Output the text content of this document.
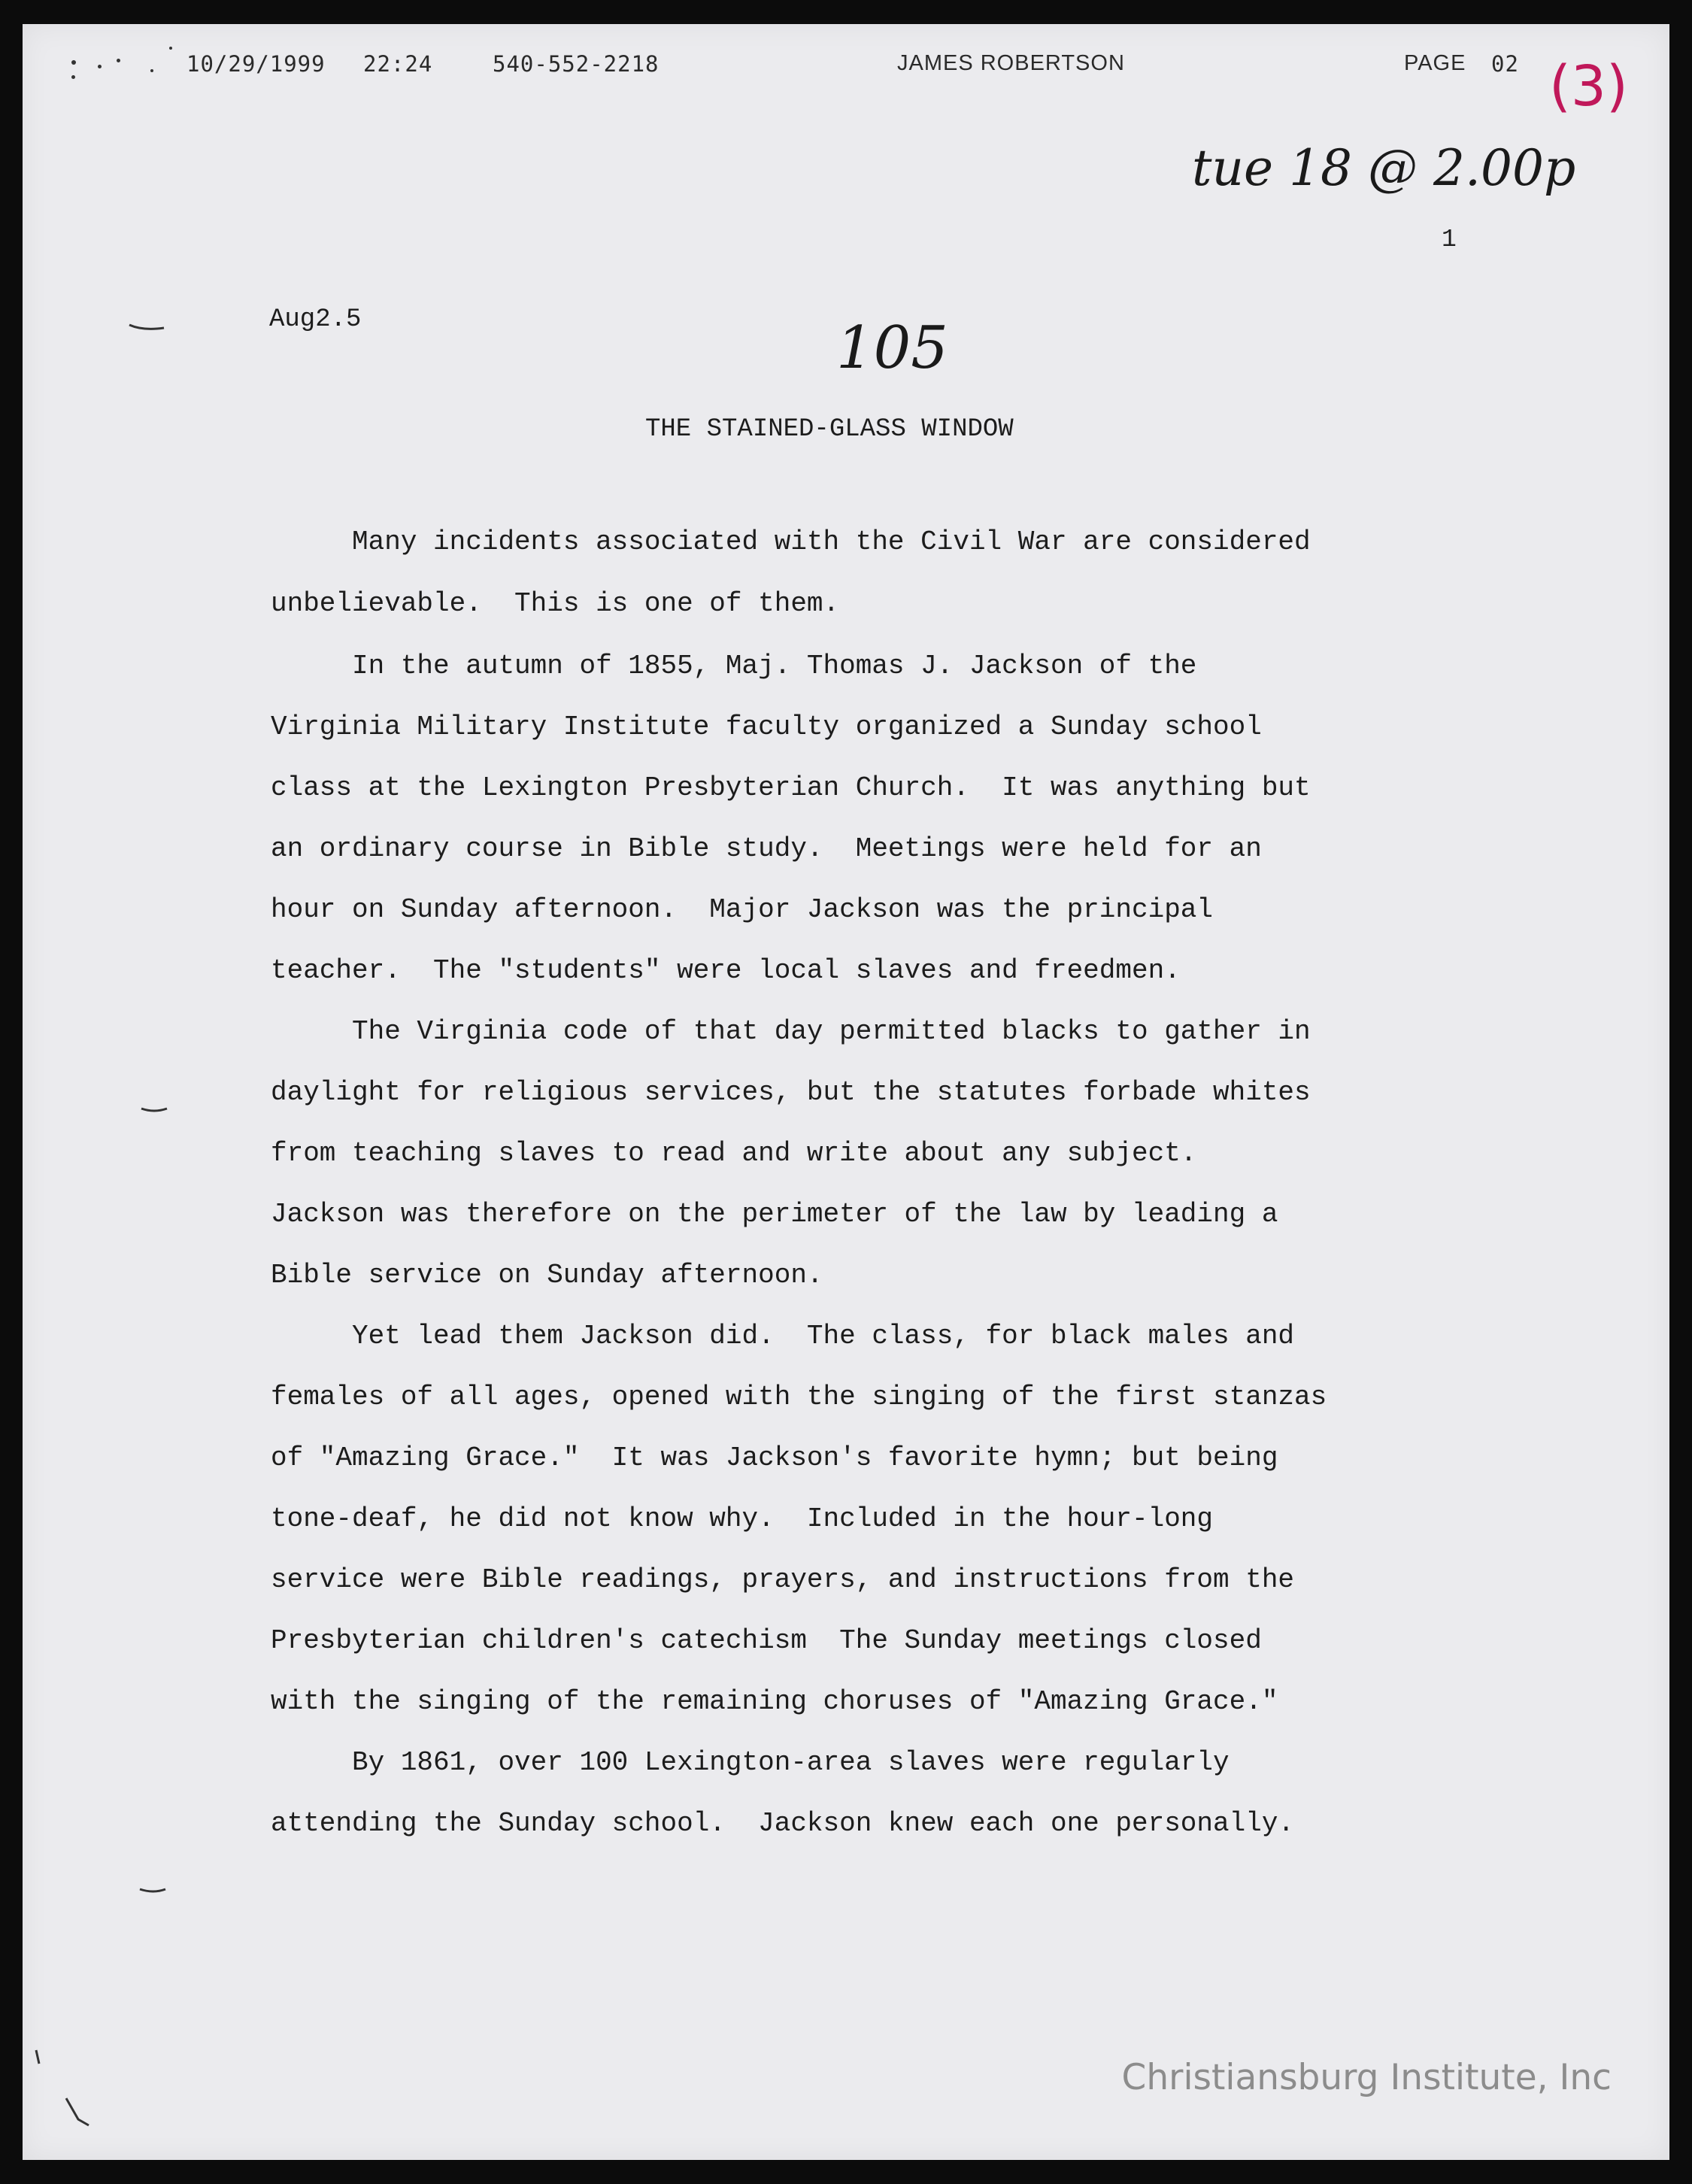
10/29/1999 22:24	540-552-2218	JAMES ROBERTSON	PAGE 02 (3)
tue 18 @ 2.00p
105
1
Aug2.5
THE STAINED-GLASS WINDOW
Many incidents associated with the Civil War are considered
unbelievable.  This is one of them.
In the autumn of 1855, Maj. Thomas J. Jackson of the
Virginia Military Institute faculty organized a Sunday school
class at the Lexington Presbyterian Church.  It was anything but
an ordinary course in Bible study.  Meetings were held for an
hour on Sunday afternoon.  Major Jackson was the principal
teacher.  The "students" were local slaves and freedmen.
The Virginia code of that day permitted blacks to gather in
daylight for religious services, but the statutes forbade whites
from teaching slaves to read and write about any subject.
Jackson was therefore on the perimeter of the law by leading a
Bible service on Sunday afternoon.
Yet lead them Jackson did.  The class, for black males and
females of all ages, opened with the singing of the first stanzas
of "Amazing Grace."  It was Jackson's favorite hymn; but being
tone-deaf, he did not know why.  Included in the hour-long
service were Bible readings, prayers, and instructions from the
Presbyterian children's catechism  The Sunday meetings closed
with the singing of the remaining choruses of "Amazing Grace."
By 1861, over 100 Lexington-area slaves were regularly
attending the Sunday school.  Jackson knew each one personally.
Christiansburg Institute, Inc
